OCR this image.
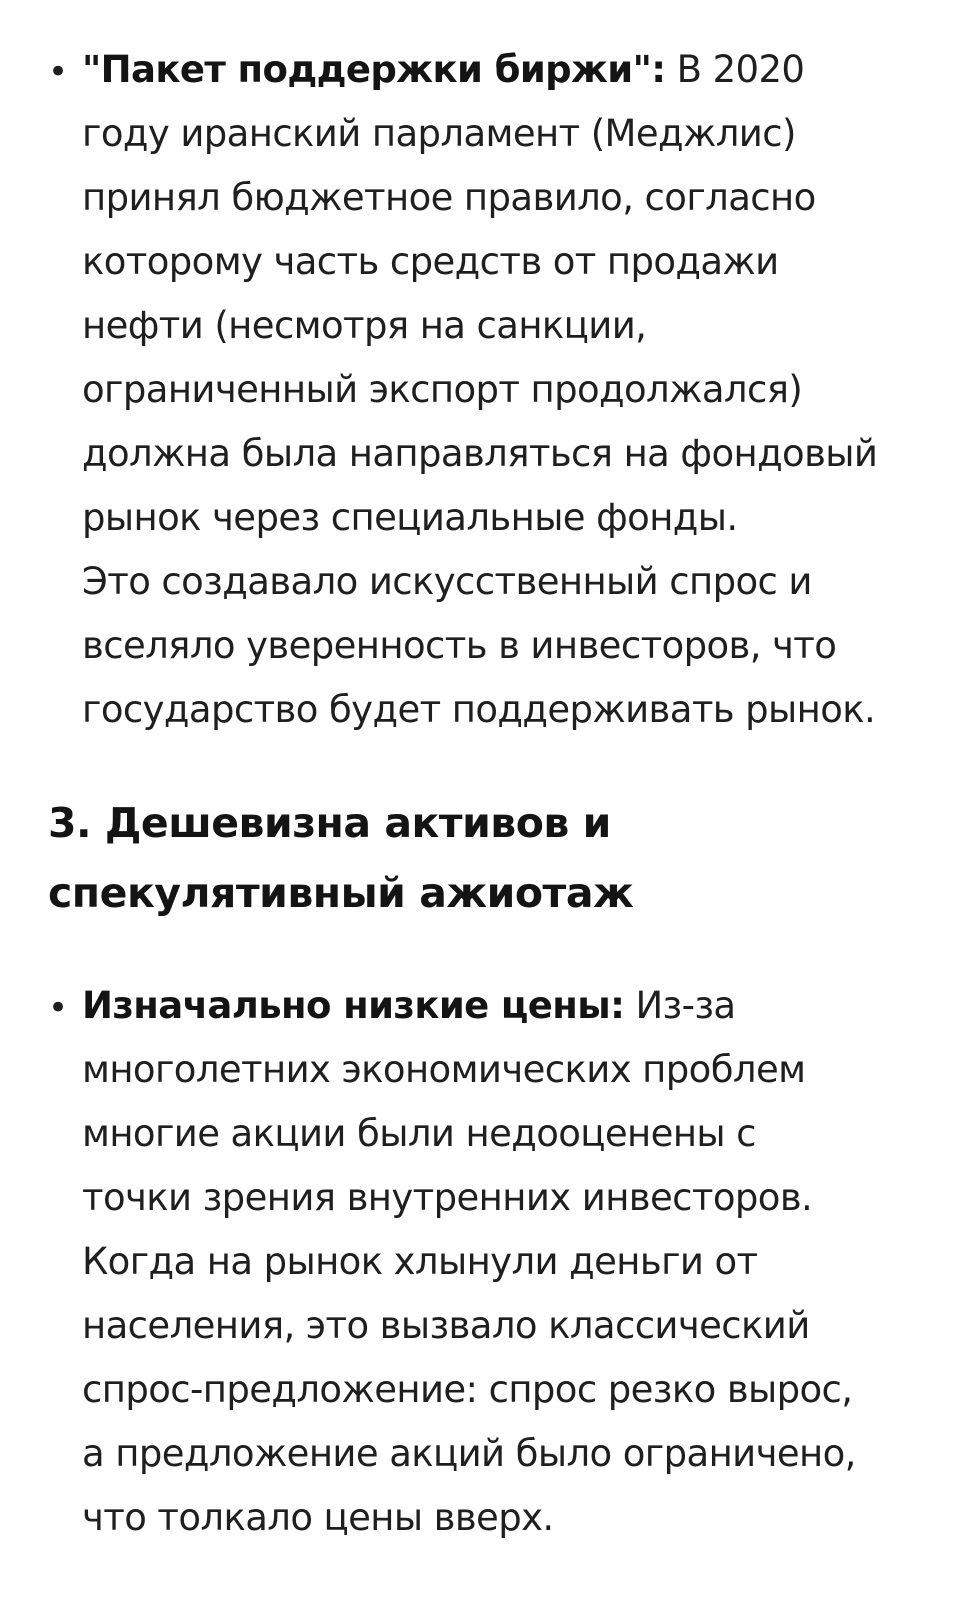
• "Пакет поддержки биржи": В 2020
году иранский парламент (Меджлис)
принял бюджетное правило, согласно
которому часть средств от продажи
нефти (несмотря на санкции,
ограниченный экспорт продолжался)
должна была направляться на фондовый
рынок через специальные фонды.
Это создавало искусственный спрос и
вселяло уверенность в инвесторов, что
государство будет поддерживать рынок.
3. Дешевизна активов и
спекулятивный ажиотаж
• Изначально низкие цены: Из-за
многолетних экономических проблем
многие акции были недооценены с
точки зрения внутренних инвесторов.
Когда на рынок хлынули деньги от
населения, это вызвало классический
спрос-предложение: спрос резко вырос,
а предложение акций было ограничено,
что толкало цены вверх.
